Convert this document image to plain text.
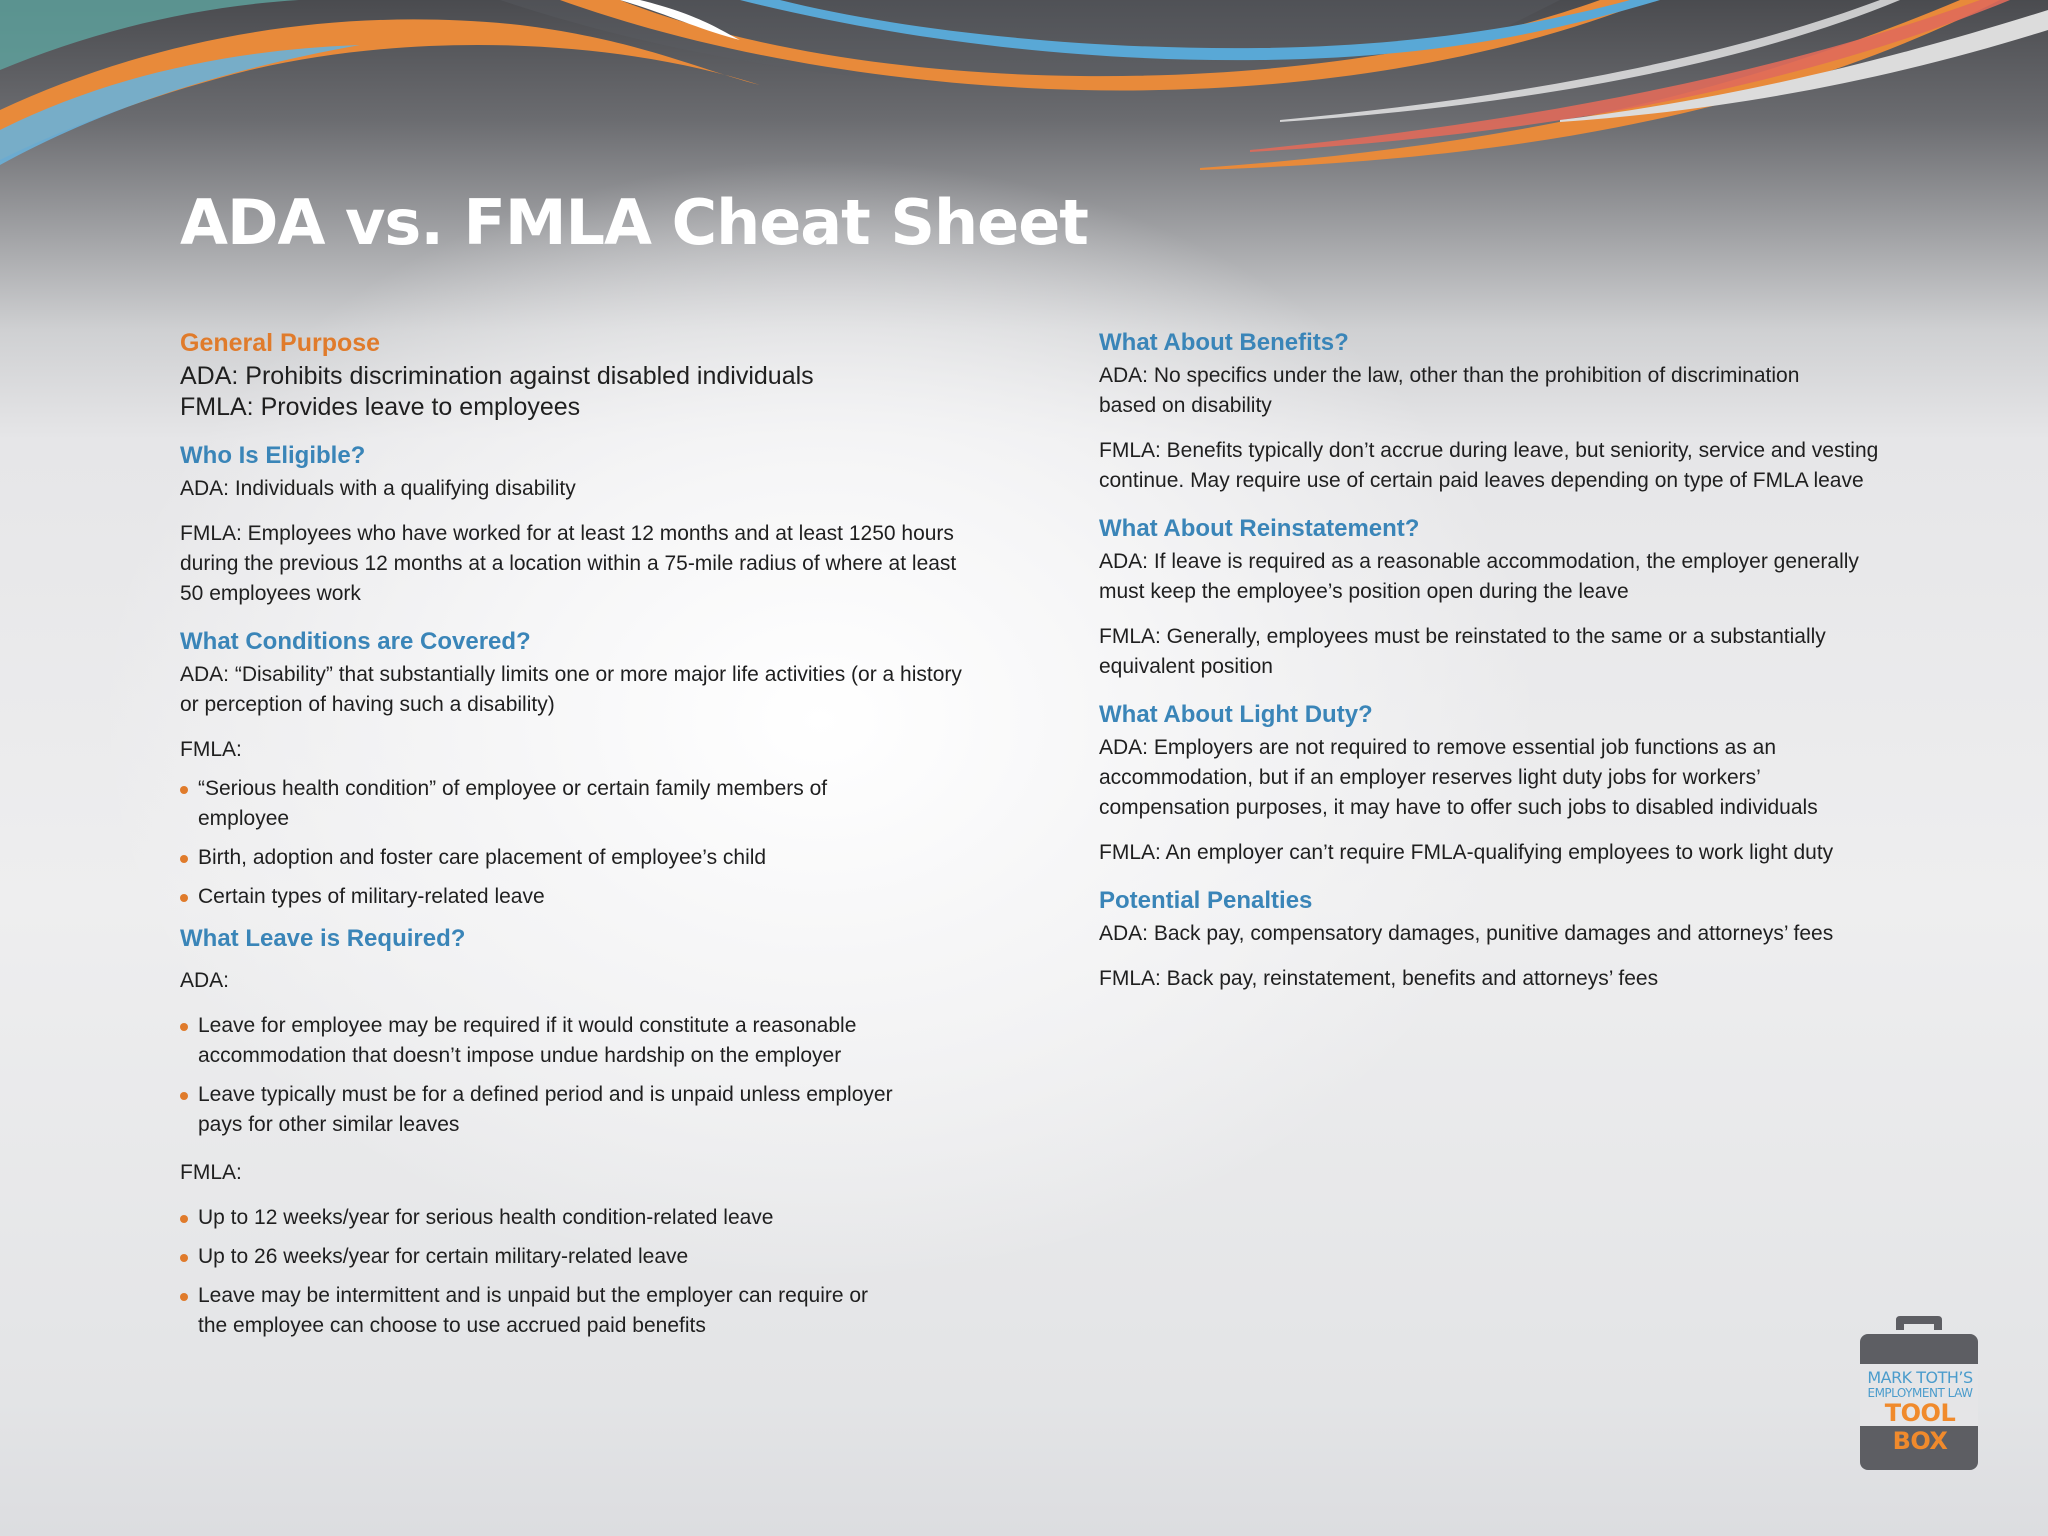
ADA vs. FMLA Cheat Sheet
General Purpose
ADA: Prohibits discrimination against disabled individuals
FMLA: Provides leave to employees
Who Is Eligible?
ADA: Individuals with a qualifying disability
FMLA: Employees who have worked for at least 12 months and at least 1250 hours during the previous 12 months at a location within a 75-mile radius of where at least 50 employees work
What Conditions are Covered?
ADA: “Disability” that substantially limits one or more major life activities (or a history or perception of having such a disability)
FMLA:
“Serious health condition” of employee or certain family members of employee
Birth, adoption and foster care placement of employee’s child
Certain types of military-related leave
What Leave is Required?
ADA:
Leave for employee may be required if it would constitute a reasonable accommodation that doesn’t impose undue hardship on the employer
Leave typically must be for a defined period and is unpaid unless employer pays for other similar leaves
FMLA:
Up to 12 weeks/year for serious health condition-related leave
Up to 26 weeks/year for certain military-related leave
Leave may be intermittent and is unpaid but the employer can require or the employee can choose to use accrued paid benefits
What About Benefits?
ADA: No specifics under the law, other than the prohibition of discrimination based on disability
FMLA: Benefits typically don’t accrue during leave, but seniority, service and vesting continue. May require use of certain paid leaves depending on type of FMLA leave
What About Reinstatement?
ADA: If leave is required as a reasonable accommodation, the employer generally must keep the employee’s position open during the leave
FMLA: Generally, employees must be reinstated to the same or a substantially equivalent position
What About Light Duty?
ADA: Employers are not required to remove essential job functions as an accommodation, but if an employer reserves light duty jobs for workers’ compensation purposes, it may have to offer such jobs to disabled individuals
FMLA: An employer can’t require FMLA-qualifying employees to work light duty
Potential Penalties
ADA: Back pay, compensatory damages, punitive damages and attorneys’ fees
FMLA: Back pay, reinstatement, benefits and attorneys’ fees
MARK TOTH’S
EMPLOYMENT LAW
TOOL BOX
